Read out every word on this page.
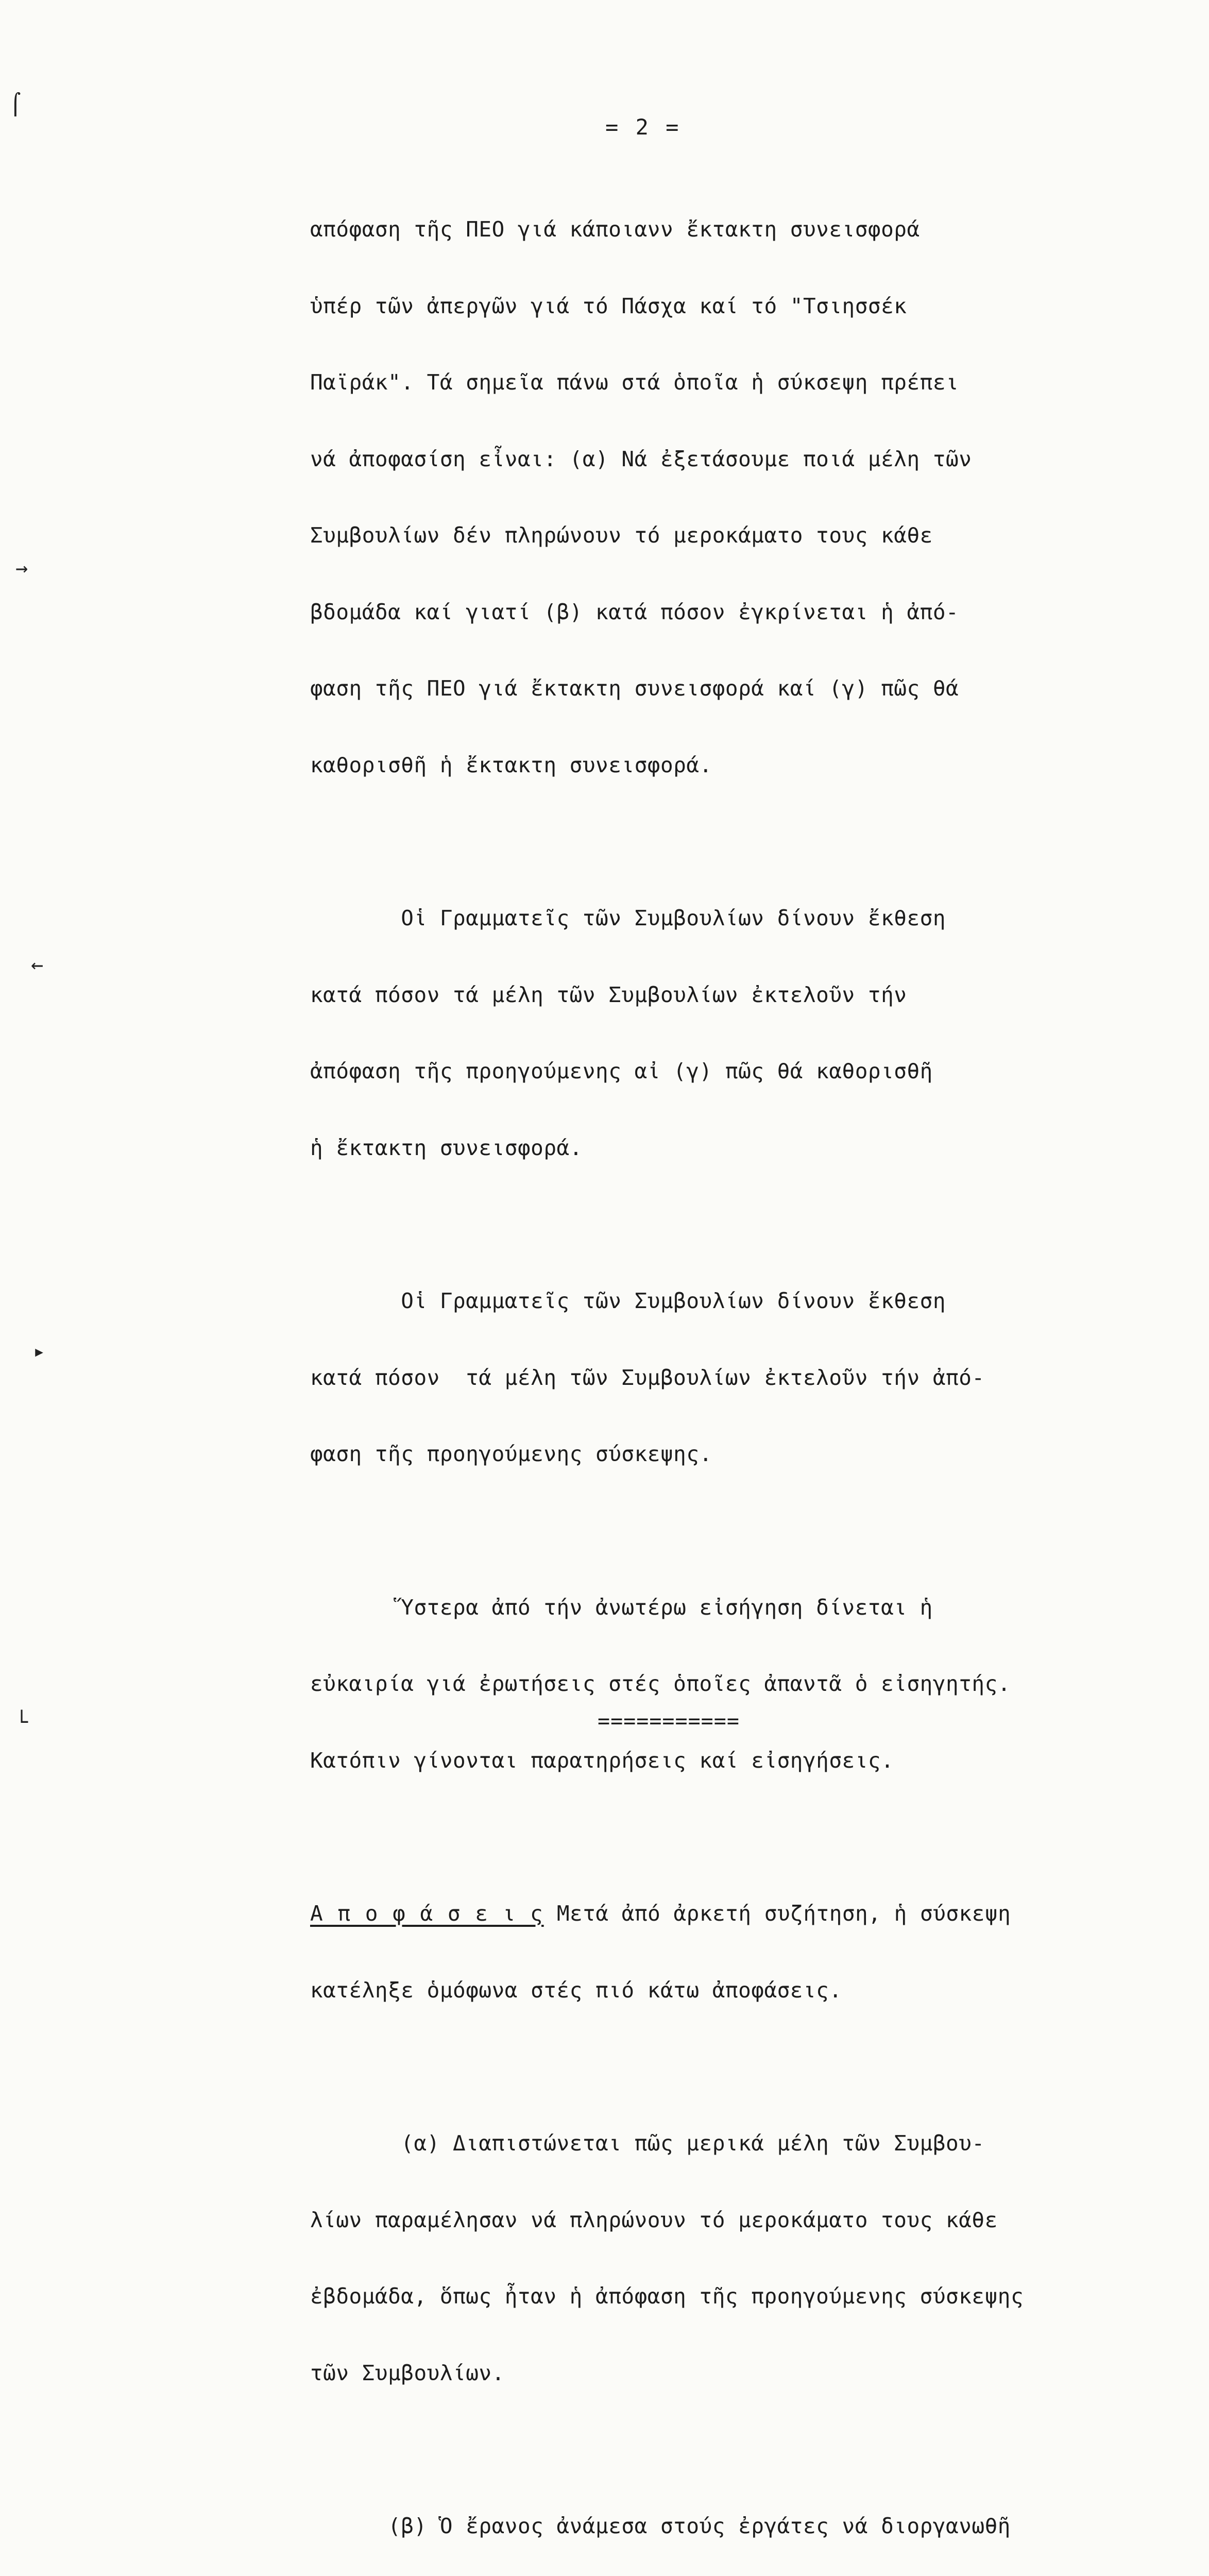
= 2 =

απόφαση τῆς ΠΕΟ γιά κάποιανν ἔκτακτη συνεισφορά

ὑπέρ τῶν ἀπεργῶν γιά τό Πάσχα καί τό "Τσιησσέκ

Παϊράκ". Τά σημεῖα πάνω στά ὁποῖα ἡ σύκσεψη πρέπει

νά ἀποφασίση εἶναι: (α) Νά ἐξετάσουμε ποιά μέλη τῶν

Συμβουλίων δέν πληρώνουν τό μεροκάματο τους κάθε

βδομάδα καί γιατί (β) κατά πόσον ἐγκρίνεται ἡ ἀπό-

φαση τῆς ΠΕΟ γιά ἔκτακτη συνεισφορά καί (γ) πῶς θά

καθορισθῆ ἡ ἔκτακτη συνεισφορά.

Οἱ Γραμματεῖς τῶν Συμβουλίων δίνουν ἔκθεση

κατά πόσον τά μέλη τῶν Συμβουλίων ἐκτελοῦν τήν

ἀπόφαση τῆς προηγούμενης αἰ (γ) πῶς θά καθορισθῆ

ἡ ἔκτακτη συνεισφορά.

Οἱ Γραμματεῖς τῶν Συμβουλίων δίνουν ἔκθεση

κατά πόσον  τά μέλη τῶν Συμβουλίων ἐκτελοῦν τήν ἀπό-

φαση τῆς προηγούμενης σύσκεψης.

Ὕστερα ἀπό τήν ἀνωτέρω εἰσήγηση δίνεται ἡ

εὐκαιρία γιά ἐρωτήσεις στές ὁποῖες ἀπαντᾶ ὁ εἰσηγητής.

Κατόπιν γίνονται παρατηρήσεις καί εἰσηγήσεις.

Α π ο φ ά σ ε ι ς Μετά ἀπό ἀρκετή συζήτηση, ἡ σύσκεψη

κατέληξε ὁμόφωνα στές πιό κάτω ἀποφάσεις.

(α) Διαπιστώνεται πῶς μερικά μέλη τῶν Συμβου-

λίων παραμέλησαν νά πληρώνουν τό μεροκάματο τους κάθε

ἐβδομάδα, ὅπως ἦταν ἡ ἀπόφαση τῆς προηγούμενης σύσκεψης

τῶν Συμβουλίων.

(β) Ὁ ἔρανος ἀνάμεσα στούς ἐργάτες νά διοργανωθῆ

===========
⌠
→
←
▸
└
